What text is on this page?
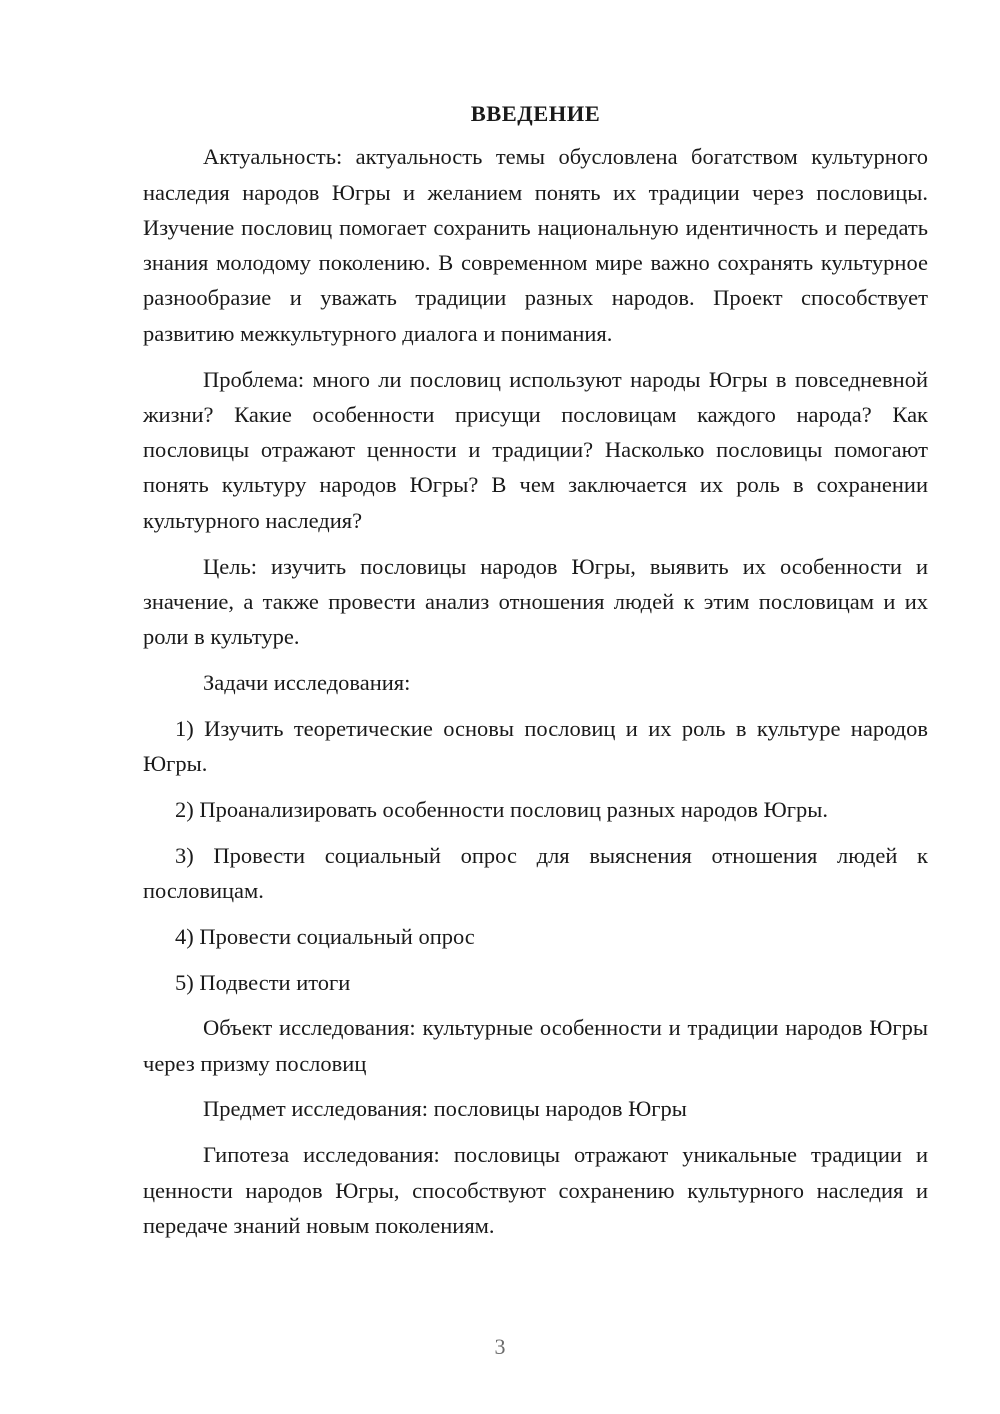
ВВЕДЕНИЕ

Актуальность: актуальность темы обусловлена богатством культурного наследия народов Югры и желанием понять их традиции через пословицы. Изучение пословиц помогает сохранить национальную идентичность и передать знания молодому поколению. В современном мире важно сохранять культурное разнообразие и уважать традиции разных народов. Проект способствует развитию межкультурного диалога и понимания.

Проблема: много ли пословиц используют народы Югры в повседневной жизни? Какие особенности присущи пословицам каждого народа? Как пословицы отражают ценности и традиции? Насколько пословицы помогают понять культуру народов Югры? В чем заключается их роль в сохранении культурного наследия?

Цель: изучить пословицы народов Югры, выявить их особенности и значение, а также провести анализ отношения людей к этим пословицам и их роли в культуре.

Задачи исследования:

1) Изучить теоретические основы пословиц и их роль в культуре народов Югры.

2) Проанализировать особенности пословиц разных народов Югры.

3) Провести социальный опрос для выяснения отношения людей к пословицам.

4) Провести социальный опрос

5) Подвести итоги

Объект исследования: культурные особенности и традиции народов Югры через призму пословиц

Предмет исследования: пословицы народов Югры

Гипотеза исследования: пословицы отражают уникальные традиции и ценности народов Югры, способствуют сохранению культурного наследия и передаче знаний новым поколениям.

3
